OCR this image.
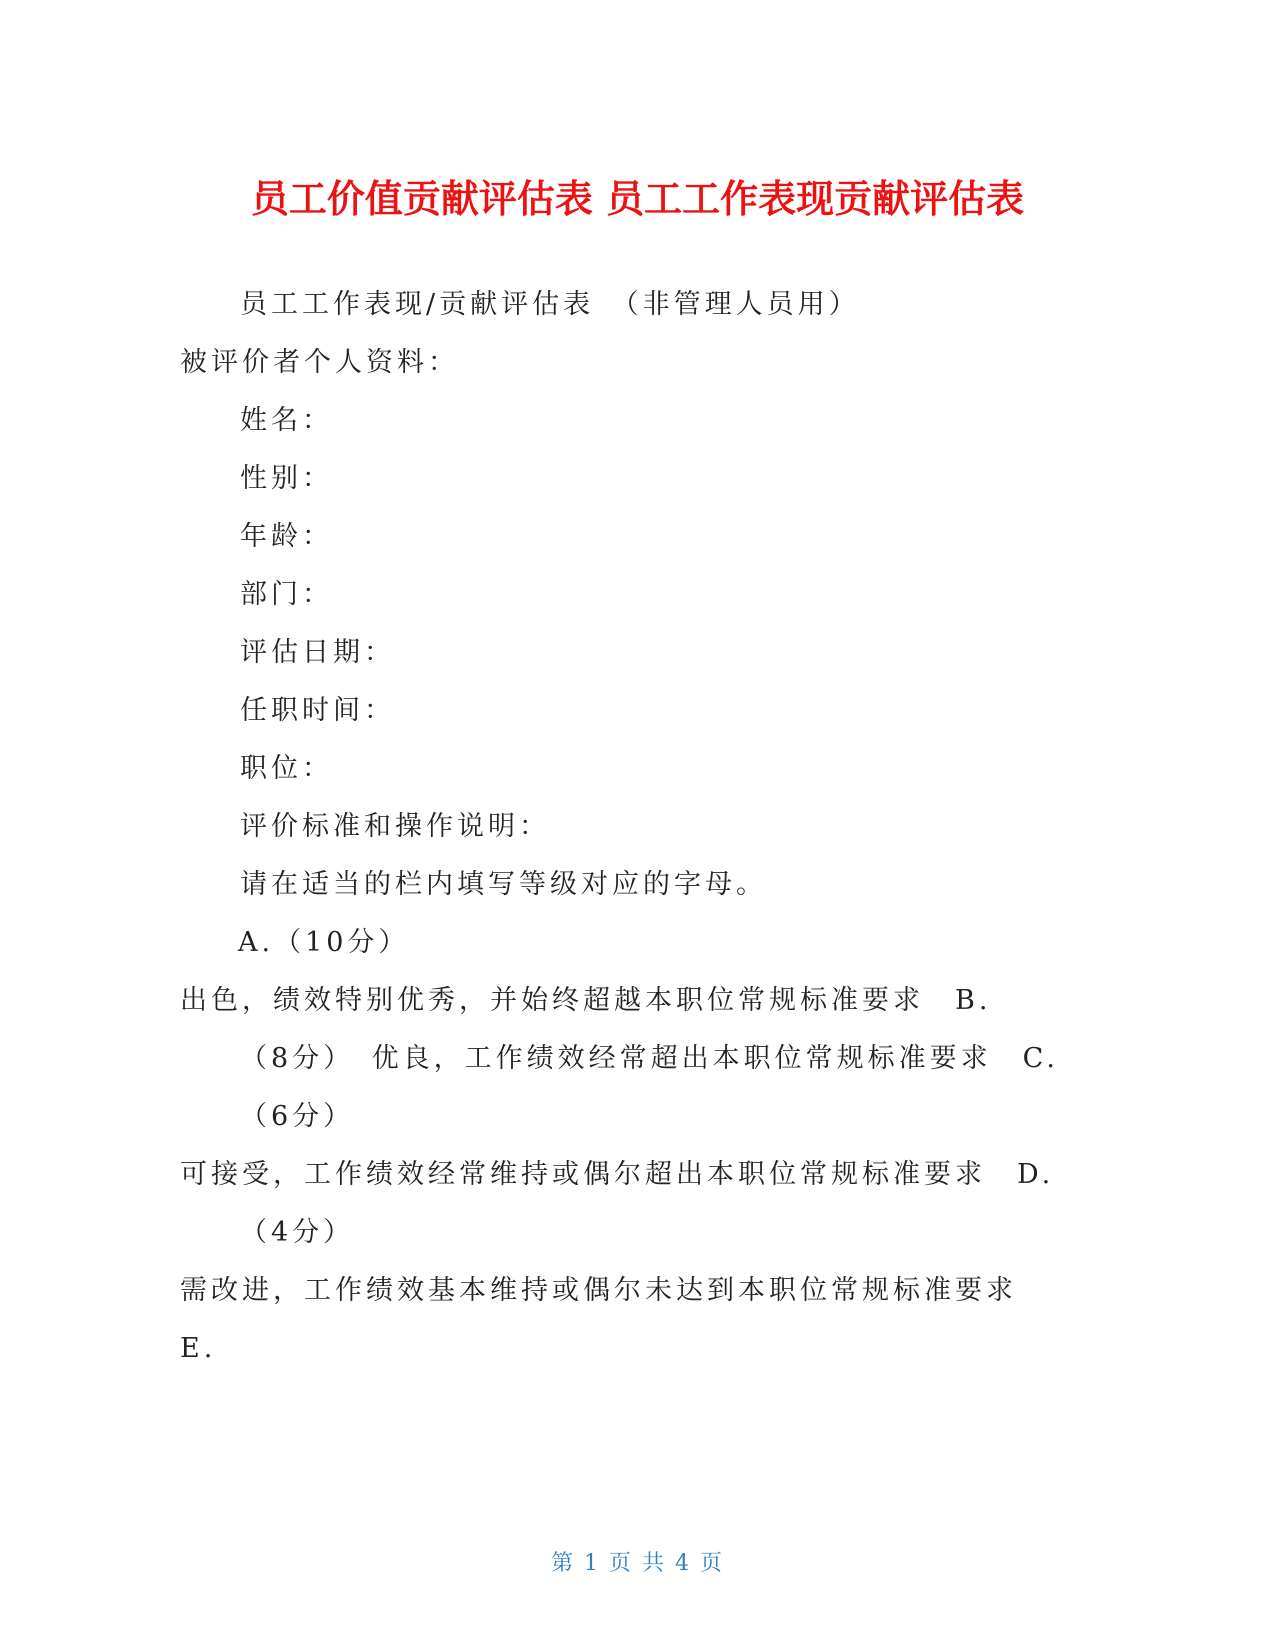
员工价值贡献评估表 员工工作表现贡献评估表
员工工作表现/贡献评估表　（非管理人员用）
被评价者个人资料：
姓名：
性别：
年龄：
部门：
评估日期：
任职时间：
职位：
评价标准和操作说明：
请在适当的栏内填写等级对应的字母。
A.（10分）
出色，绩效特别优秀，并始终超越本职位常规标准要求　B.
（8分）　优良，工作绩效经常超出本职位常规标准要求　C.
（6分）
可接受，工作绩效经常维持或偶尔超出本职位常规标准要求　D.
（4分）
需改进，工作绩效基本维持或偶尔未达到本职位常规标准要求
E.
第 1 页 共 4 页
